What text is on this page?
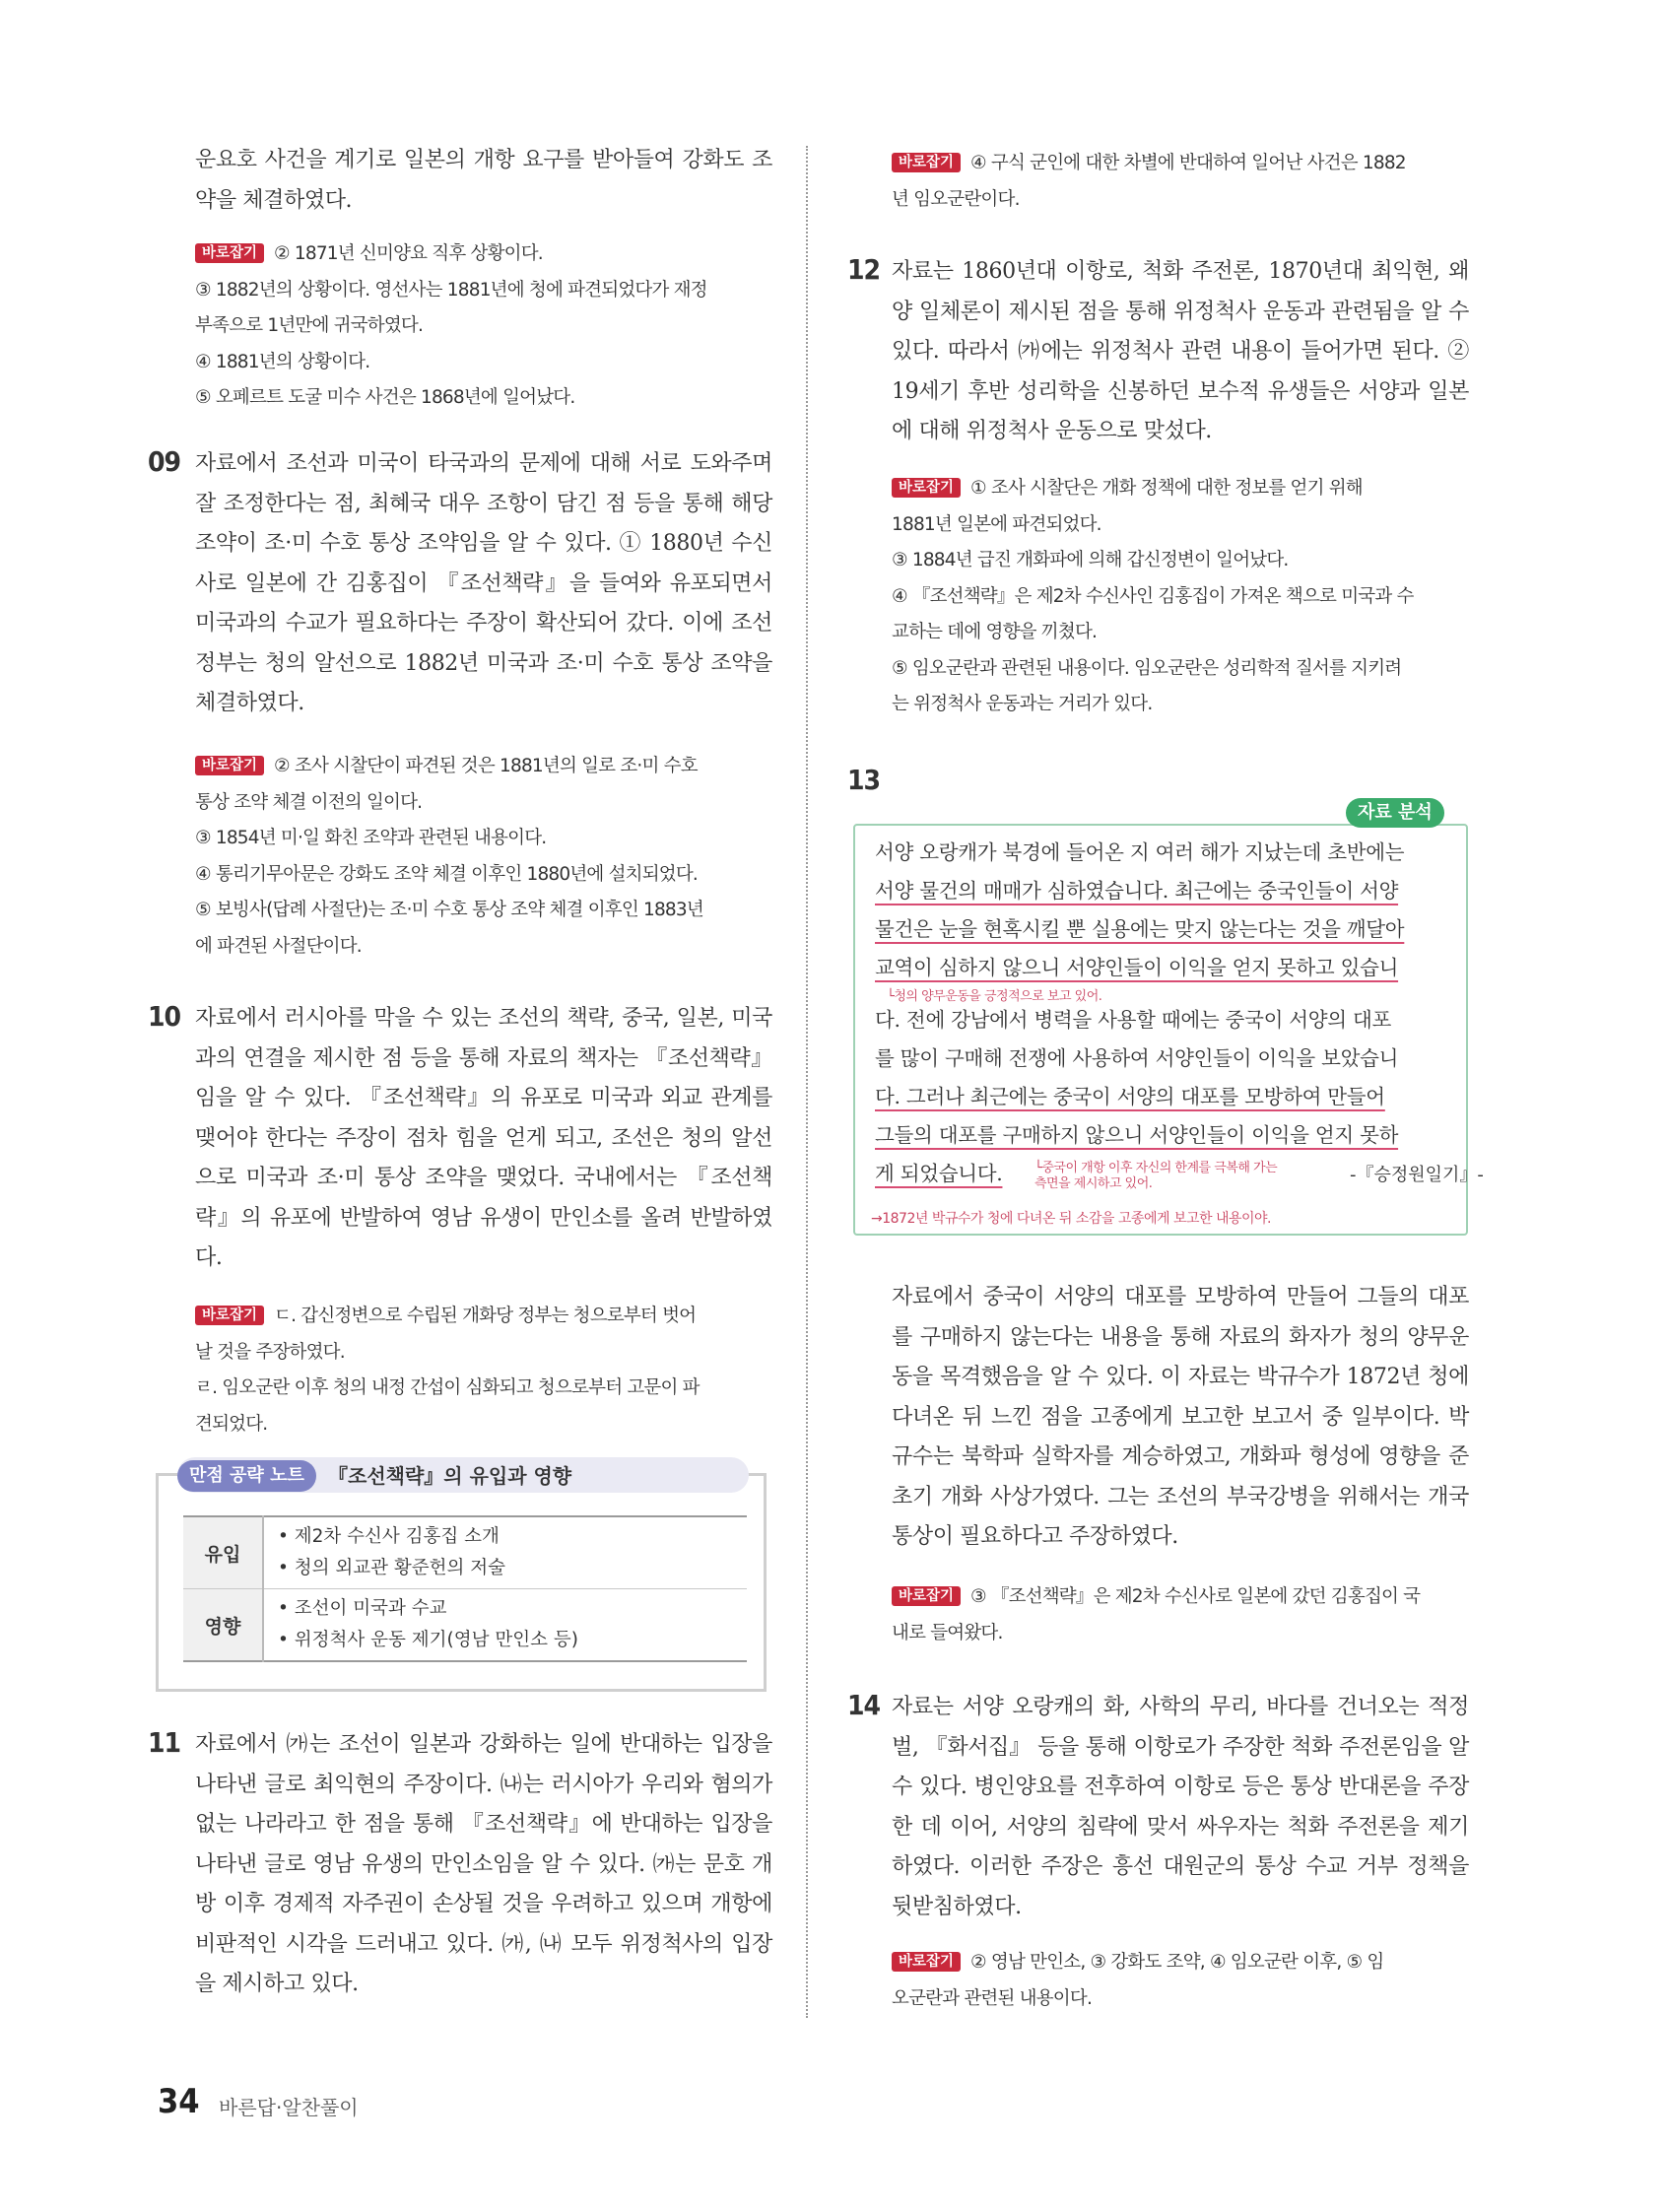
운요호 사건을 계기로 일본의 개항 요구를 받아들여 강화도 조약을 체결하였다.

바로잡기 ② 1871년 신미양요 직후 상황이다.
③ 1882년의 상황이다. 영선사는 1881년에 청에 파견되었다가 재정
부족으로 1년만에 귀국하였다.
④ 1881년의 상황이다.
⑤ 오페르트 도굴 미수 사건은 1868년에 일어났다.
09 자료에서 조선과 미국이 타국과의 문제에 대해 서로 도와주며 잘 조정한다는 점, 최혜국 대우 조항이 담긴 점 등을 통해 해당 조약이 조·미 수호 통상 조약임을 알 수 있다. ① 1880년 수신사로 일본에 간 김홍집이 『조선책략』을 들여와 유포되면서 미국과의 수교가 필요하다는 주장이 확산되어 갔다. 이에 조선 정부는 청의 알선으로 1882년 미국과 조·미 수호 통상 조약을 체결하였다.

바로잡기 ② 조사 시찰단이 파견된 것은 1881년의 일로 조·미 수호
통상 조약 체결 이전의 일이다.
③ 1854년 미·일 화친 조약과 관련된 내용이다.
④ 통리기무아문은 강화도 조약 체결 이후인 1880년에 설치되었다.
⑤ 보빙사(답례 사절단)는 조·미 수호 통상 조약 체결 이후인 1883년
에 파견된 사절단이다.
10 자료에서 러시아를 막을 수 있는 조선의 책략, 중국, 일본, 미국과의 연결을 제시한 점 등을 통해 자료의 책자는 『조선책략』임을 알 수 있다. 『조선책략』의 유포로 미국과 외교 관계를 맺어야 한다는 주장이 점차 힘을 얻게 되고, 조선은 청의 알선으로 미국과 조·미 통상 조약을 맺었다. 국내에서는 『조선책략』의 유포에 반발하여 영남 유생이 만인소를 올려 반발하였다.

바로잡기 ㄷ. 갑신정변으로 수립된 개화당 정부는 청으로부터 벗어
날 것을 주장하였다.
ㄹ. 임오군란 이후 청의 내정 간섭이 심화되고 청으로부터 고문이 파
견되었다.
만점 공략 노트	『조선책략』의 유입과 영향
유입	• 제2차 수신사 김홍집 소개
• 청의 외교관 황준헌의 저술

영향	• 조선이 미국과 수교
• 위정척사 운동 제기(영남 만인소 등)
11 자료에서 ㈎는 조선이 일본과 강화하는 일에 반대하는 입장을 나타낸 글로 최익현의 주장이다. ㈏는 러시아가 우리와 혐의가 없는 나라라고 한 점을 통해 『조선책략』에 반대하는 입장을 나타낸 글로 영남 유생의 만인소임을 알 수 있다. ㈎는 문호 개방 이후 경제적 자주권이 손상될 것을 우려하고 있으며 개항에 비판적인 시각을 드러내고 있다. ㈎, ㈏ 모두 위정척사의 입장을 제시하고 있다.

바로잡기 ④ 구식 군인에 대한 차별에 반대하여 일어난 사건은 1882
년 임오군란이다.
12 자료는 1860년대 이항로, 척화 주전론, 1870년대 최익현, 왜양 일체론이 제시된 점을 통해 위정척사 운동과 관련됨을 알 수 있다. 따라서 ㈎에는 위정척사 관련 내용이 들어가면 된다. ② 19세기 후반 성리학을 신봉하던 보수적 유생들은 서양과 일본에 대해 위정척사 운동으로 맞섰다.

바로잡기 ① 조사 시찰단은 개화 정책에 대한 정보를 얻기 위해
1881년 일본에 파견되었다.
③ 1884년 급진 개화파에 의해 갑신정변이 일어났다.
④ 『조선책략』은 제2차 수신사인 김홍집이 가져온 책으로 미국과 수
교하는 데에 영향을 끼쳤다.
⑤ 임오군란과 관련된 내용이다. 임오군란은 성리학적 질서를 지키려
는 위정척사 운동과는 거리가 있다.
13
자료 분석
서양 오랑캐가 북경에 들어온 지 여러 해가 지났는데 초반에는
서양 물건의 매매가 심하였습니다. 최근에는 중국인들이 서양
물건은 눈을 현혹시킬 뿐 실용에는 맞지 않는다는 것을 깨달아
교역이 심하지 않으니 서양인들이 이익을 얻지 못하고 있습니
다. 전에 강남에서 병력을 사용할 때에는 중국이 서양의 대포
를 많이 구매해 전쟁에 사용하여 서양인들이 이익을 보았습니
다. 그러나 최근에는 중국이 서양의 대포를 모방하여 만들어
그들의 대포를 구매하지 않으니 서양인들이 이익을 얻지 못하
게 되었습니다.
└청의 양무운동을 긍정적으로 보고 있어.
└중국이 개항 이후 자신의 한계를 극복해 가는 측면을 제시하고 있어.	-『승정원일기』-
→1872년 박규수가 청에 다녀온 뒤 소감을 고종에게 보고한 내용이야.

자료에서 중국이 서양의 대포를 모방하여 만들어 그들의 대포를 구매하지 않는다는 내용을 통해 자료의 화자가 청의 양무운동을 목격했음을 알 수 있다. 이 자료는 박규수가 1872년 청에 다녀온 뒤 느낀 점을 고종에게 보고한 보고서 중 일부이다. 박규수는 북학파 실학자를 계승하였고, 개화파 형성에 영향을 준 초기 개화 사상가였다. 그는 조선의 부국강병을 위해서는 개국 통상이 필요하다고 주장하였다.

바로잡기 ③ 『조선책략』은 제2차 수신사로 일본에 갔던 김홍집이 국
내로 들여왔다.
14 자료는 서양 오랑캐의 화, 사학의 무리, 바다를 건너오는 적정벌, 『화서집』 등을 통해 이항로가 주장한 척화 주전론임을 알 수 있다. 병인양요를 전후하여 이항로 등은 통상 반대론을 주장한 데 이어, 서양의 침략에 맞서 싸우자는 척화 주전론을 제기하였다. 이러한 주장은 흥선 대원군의 통상 수교 거부 정책을 뒷받침하였다.

바로잡기 ② 영남 만인소, ③ 강화도 조약, ④ 임오군란 이후, ⑤ 임
오군란과 관련된 내용이다.
34 바른답·알찬풀이
